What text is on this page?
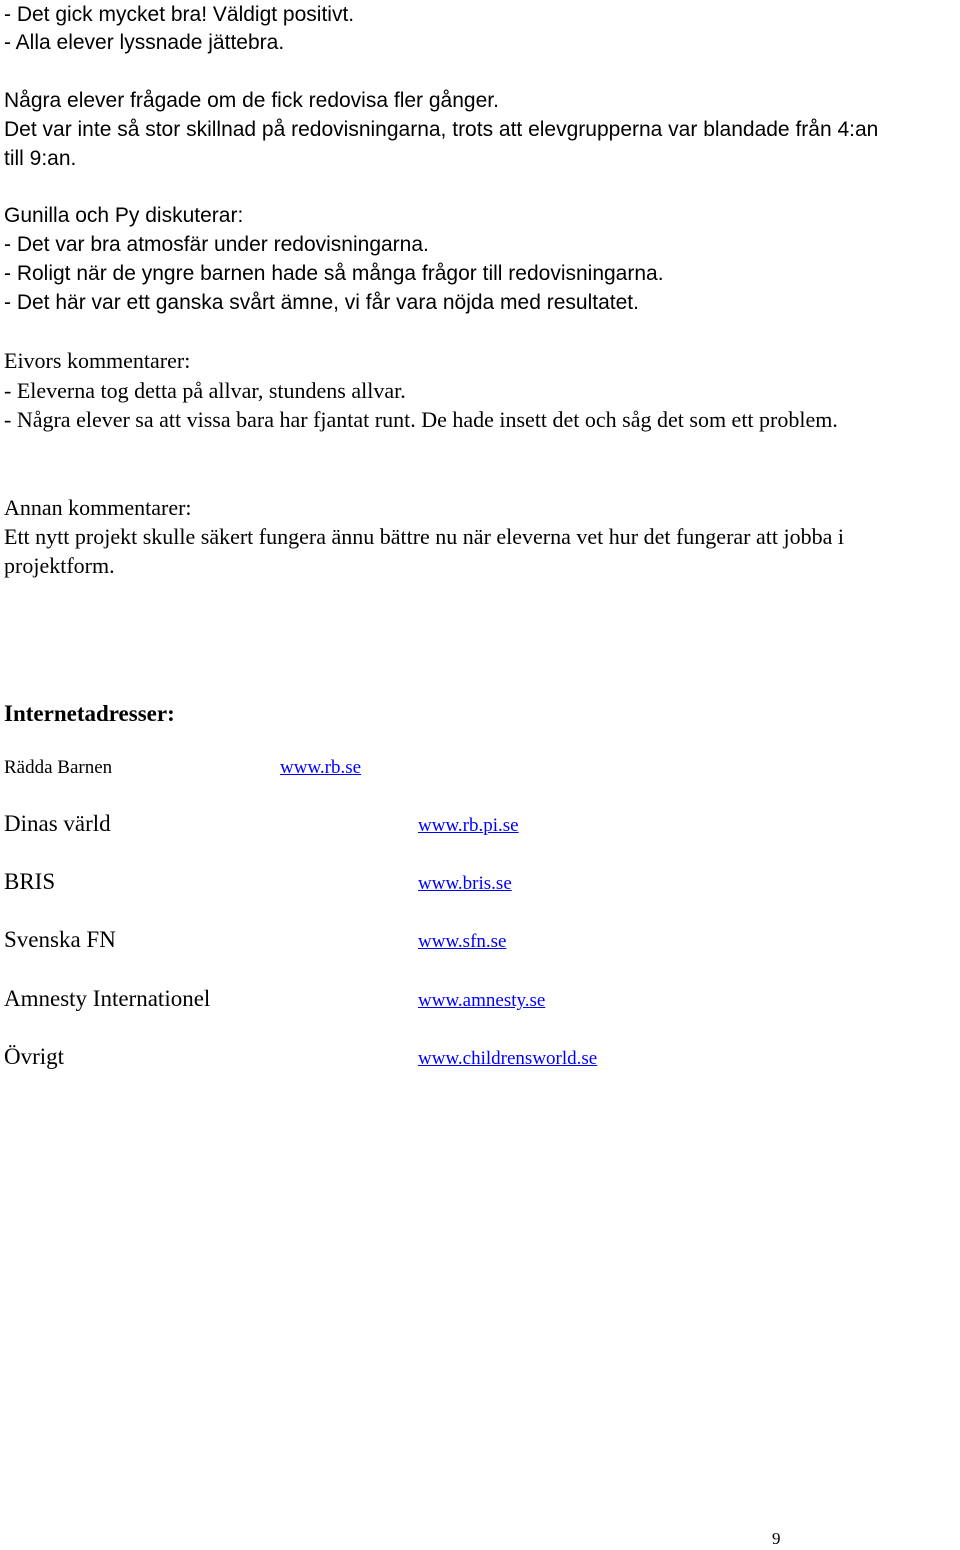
- Det gick mycket bra! Väldigt positivt.

- Alla elever lyssnade jättebra.

Några elever frågade om de fick redovisa fler gånger.

Det var inte så stor skillnad på redovisningarna, trots att elevgrupperna var blandade från 4:an

till 9:an.

Gunilla och Py diskuterar:

- Det var bra atmosfär under redovisningarna.

- Roligt när de yngre barnen hade så många frågor till redovisningarna.

- Det här var ett ganska svårt ämne, vi får vara nöjda med resultatet.

Eivors kommentarer:

- Eleverna tog detta på allvar, stundens allvar.

- Några elever sa att vissa bara har fjantat runt. De hade insett det och såg det som ett problem.

Annan kommentarer:

Ett nytt projekt skulle säkert fungera ännu bättre nu när eleverna vet hur det fungerar att jobba i projektform.

Internetadresser:

Rädda Barnen	www.rb.se

Dinas värld	www.rb.pi.se

BRIS	www.bris.se

Svenska FN	www.sfn.se

Amnesty Internationel	www.amnesty.se

Övrigt	www.childrensworld.se

9
